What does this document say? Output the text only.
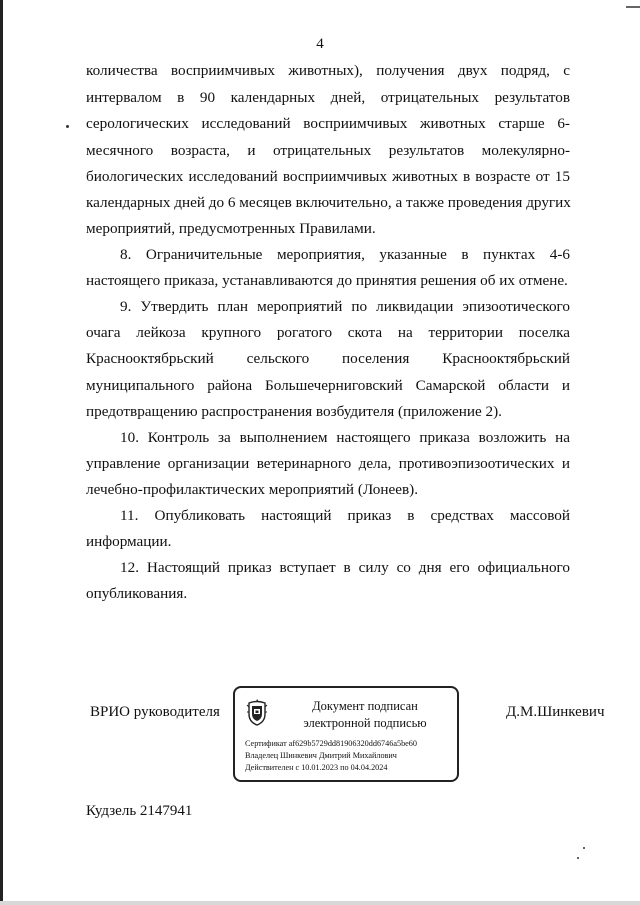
4
количества восприимчивых животных), получения двух подряд, с
интервалом в 90 календарных дней, отрицательных результатов
серологических исследований восприимчивых животных старше 6-
месячного возраста, и отрицательных результатов молекулярно-
биологических исследований восприимчивых животных в возрасте от 15
календарных дней до 6 месяцев включительно, а также проведения других
мероприятий, предусмотренных Правилами.
8. Ограничительные мероприятия, указанные в пунктах 4-6
настоящего приказа, устанавливаются до принятия решения об их отмене.
9. Утвердить план мероприятий по ликвидации эпизоотического
очага лейкоза крупного рогатого скота на территории поселка
Краснооктябрьский сельского поселения Краснооктябрьский
муниципального района Большечерниговский Самарской области и
предотвращению распространения возбудителя (приложение 2).
10. Контроль за выполнением настоящего приказа возложить на
управление организации ветеринарного дела, противоэпизоотических и
лечебно-профилактических мероприятий (Лонеев).
11. Опубликовать настоящий приказ в средствах массовой
информации.
12. Настоящий приказ вступает в силу со дня его официального
опубликования.
ВРИО руководителя	Документ подписан
электронной подписью
Сертификат af629b5729dd81906320dd6746a5be60
Владелец Шинкевич Дмитрий Михайлович
Действителен с 10.01.2023 по 04.04.2024
Д.М.Шинкевич
Кудзель 2147941
